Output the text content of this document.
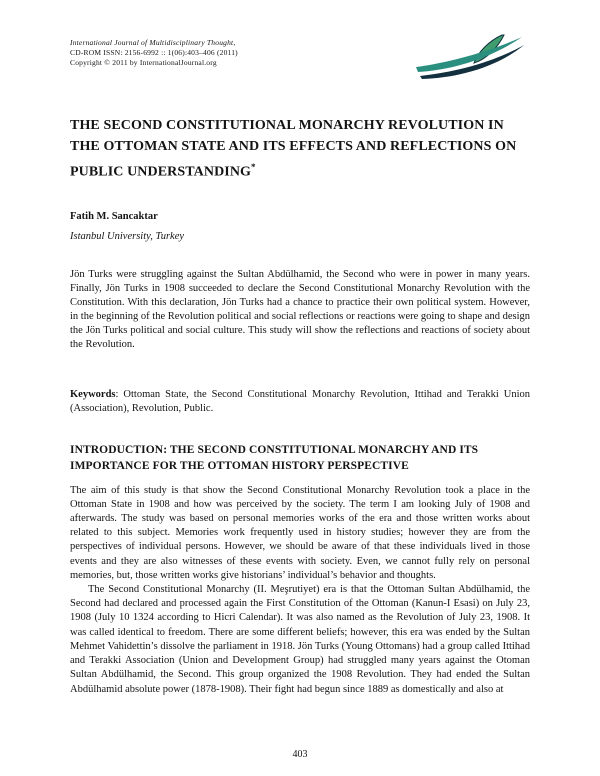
International Journal of Multidisciplinary Thought,
CD-ROM ISSN: 2156-6992 :: 1(06):403–406 (2011)
Copyright © 2011 by InternationalJournal.org
THE SECOND CONSTITUTIONAL MONARCHY REVOLUTION IN THE OTTOMAN STATE AND ITS EFFECTS AND REFLECTIONS ON PUBLIC UNDERSTANDING*
Fatih M. Sancaktar
Istanbul University, Turkey

Jön Turks were struggling against the Sultan Abdülhamid, the Second who were in power in many years. Finally, Jön Turks in 1908 succeeded to declare the Second Constitutional Monarchy Revolution with the Constitution. With this declaration, Jön Turks had a chance to practice their own political system. However, in the beginning of the Revolution political and social reflections or reactions were going to shape and design the Jön Turks political and social culture. This study will show the reflections and reactions of society about the Revolution.

Keywords: Ottoman State, the Second Constitutional Monarchy Revolution, Ittihad and Terakki Union (Association), Revolution, Public.

INTRODUCTION: THE SECOND CONSTITUTIONAL MONARCHY AND ITS IMPORTANCE FOR THE OTTOMAN HISTORY PERSPECTIVE

The aim of this study is that show the Second Constitutional Monarchy Revolution took a place in the Ottoman State in 1908 and how was perceived by the society. The term I am looking July of 1908 and afterwards. The study was based on personal memories works of the era and those written works about related to this subject. Memories work frequently used in history studies; however they are from the perspectives of individual persons. However, we should be aware of that these individuals lived in those events and they are also witnesses of these events with society. Even, we cannot fully rely on personal memories, but, those written works give historians’ individual’s behavior and thoughts.

The Second Constitutional Monarchy (II. Meşrutiyet) era is that the Ottoman Sultan Abdülhamid, the Second had declared and processed again the First Constitution of the Ottoman (Kanun-I Esasi) on July 23, 1908 (July 10 1324 according to Hicri Calendar). It was also named as the Revolution of July 23, 1908. It was called identical to freedom. There are some different beliefs; however, this era was ended by the Sultan Mehmet Vahidettin’s dissolve the parliament in 1918. Jön Turks (Young Ottomans) had a group called Ittihad and Terakki Association (Union and Development Group) had struggled many years against the Otoman Sultan Abdülhamid, the Second. This group organized the 1908 Revolution. They had ended the Sultan Abdülhamid absolute power (1878-1908). Their fight had begun since 1889 as domestically and also at

403
